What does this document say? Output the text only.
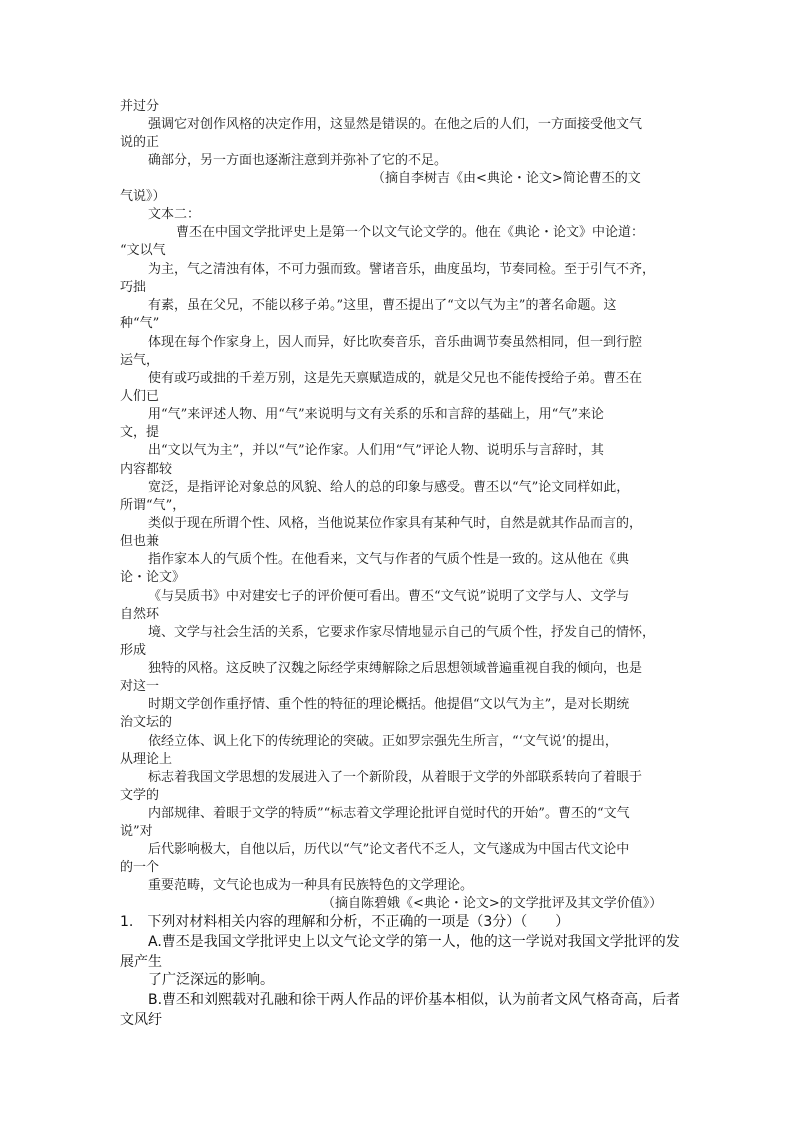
并过分
强调它对创作风格的决定作用，这显然是错误的。在他之后的人们，一方面接受他文气
说的正
确部分，另一方面也逐渐注意到并弥补了它的不足。
（摘自李树吉《由<典论・论文>简论曹丕的文
气说》）
文本二：
曹丕在中国文学批评史上是第一个以文气论文学的。他在《典论・论文》中论道：
“文以气
为主，气之清浊有体，不可力强而致。譬诸音乐，曲度虽均，节奏同检。至于引气不齐，
巧拙
有素，虽在父兄，不能以移子弟。”这里，曹丕提出了“文以气为主”的著名命题。这
种“气”
体现在每个作家身上，因人而异，好比吹奏音乐，音乐曲调节奏虽然相同，但一到行腔
运气，
使有或巧或拙的千差万别，这是先天禀赋造成的，就是父兄也不能传授给子弟。曹丕在
人们已
用“气”来评述人物、用“气”来说明与文有关系的乐和言辞的基础上，用“气”来论
文，提
出“文以气为主”，并以“气”论作家。人们用“气”评论人物、说明乐与言辞时，其
内容都较
宽泛，是指评论对象总的风貌、给人的总的印象与感受。曹丕以“气”论文同样如此，
所谓“气”，
类似于现在所谓个性、风格，当他说某位作家具有某种气时，自然是就其作品而言的，
但也兼
指作家本人的气质个性。在他看来，文气与作者的气质个性是一致的。这从他在《典
论・论文》
《与吴质书》中对建安七子的评价便可看出。曹丕“文气说”说明了文学与人、文学与
自然环
境、文学与社会生活的关系，它要求作家尽情地显示自己的气质个性，抒发自己的情怀，
形成
独特的风格。这反映了汉魏之际经学束缚解除之后思想领域普遍重视自我的倾向，也是
对这一
时期文学创作重抒情、重个性的特征的理论概括。他提倡“文以气为主”，是对长期统
治文坛的
依经立体、讽上化下的传统理论的突破。正如罗宗强先生所言，“‘文气说’的提出，
从理论上
标志着我国文学思想的发展进入了一个新阶段，从着眼于文学的外部联系转向了着眼于
文学的
内部规律、着眼于文学的特质”“标志着文学理论批评自觉时代的开始”。曹丕的“文气
说”对
后代影响极大，自他以后，历代以“气”论文者代不乏人，文气遂成为中国古代文论中
的一个
重要范畴，文气论也成为一种具有民族特色的文学理论。
（摘自陈碧娥《<典论・论文>的文学批评及其文学价值》）
1.　下列对材料相关内容的理解和分析，不正确的一项是（3分）（　　）
A.曹丕是我国文学批评史上以文气论文学的第一人，他的这一学说对我国文学批评的发
展产生
了广泛深远的影响。
B.曹丕和刘熙载对孔融和徐干两人作品的评价基本相似，认为前者文风气格奇高，后者
文风纡
